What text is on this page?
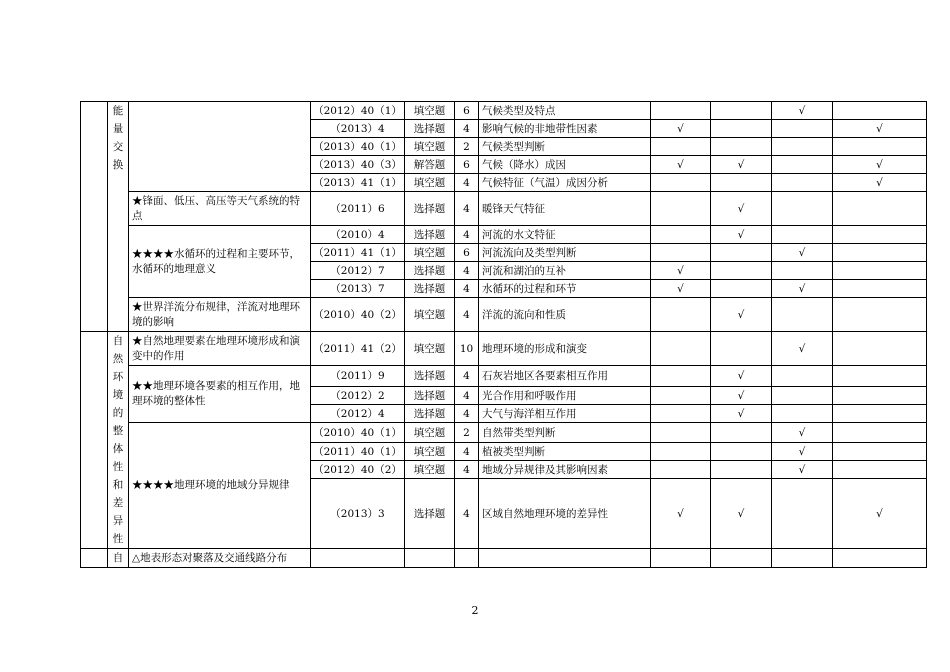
	能量交换		（2012）40（1）	填空题	6	气候类型及特点			√	
			（2013）4	选择题	4	影响气候的非地带性因素	√			√
			（2013）40（1）	填空题	2	气候类型判断				
			（2013）40（3）	解答题	6	气候（降水）成因	√	√		√
			（2013）41（1）	填空题	4	气候特征（气温）成因分析				√
		★锋面、低压、高压等天气系统的特点	（2011）6	选择题	4	暖锋天气特征		√		
		★★★★水循环的过程和主要环节，水循环的地理意义	（2010）4	选择题	4	河流的水文特征		√		
			（2011）41（1）	填空题	6	河流流向及类型判断			√	
			（2012）7	选择题	4	河流和湖泊的互补	√			
			（2013）7	选择题	4	水循环的过程和环节	√		√	
		★世界洋流分布规律，洋流对地理环境的影响	（2010）40（2）	填空题	4	洋流的流向和性质		√		
	自然环境的整体性和差异性	★自然地理要素在地理环境形成和演变中的作用	（2011）41（2）	填空题	10	地理环境的形成和演变			√	
		★★地理环境各要素的相互作用，地理环境的整体性	（2011）9	选择题	4	石灰岩地区各要素相互作用		√		
			（2012）2	选择题	4	光合作用和呼吸作用		√		
			（2012）4	选择题	4	大气与海洋相互作用		√		
		★★★★地理环境的地域分异规律	（2010）40（1）	填空题	2	自然带类型判断			√	
			（2011）40（1）	填空题	4	植被类型判断			√	
			（2012）40（2）	填空题	4	地域分异规律及其影响因素			√	
			（2013）3	选择题	4	区域自然地理环境的差异性	√	√		√
	自	△地表形态对聚落及交通线路分布								
2
